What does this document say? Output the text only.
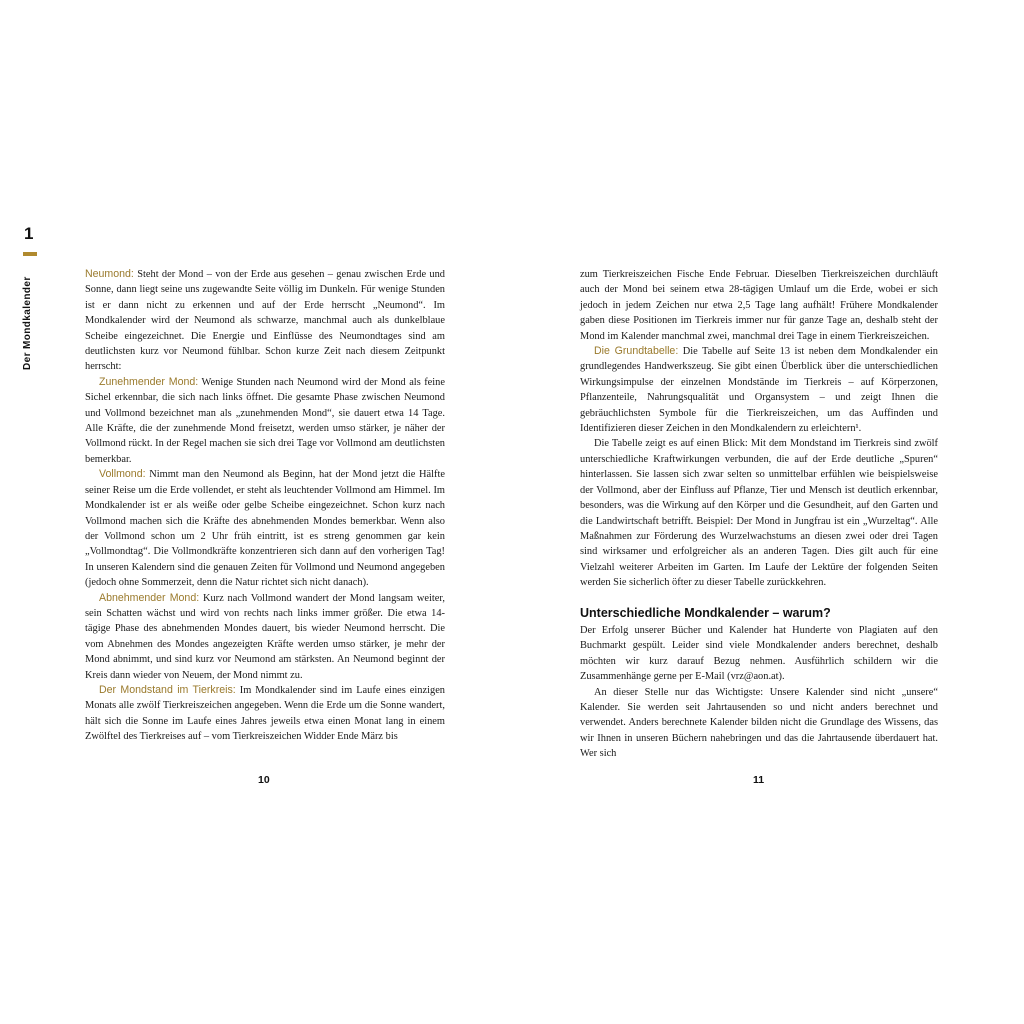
1
Der Mondkalender

Neumond: Steht der Mond – von der Erde aus gesehen – genau zwischen Erde und Sonne, dann liegt seine uns zugewandte Seite völlig im Dunkeln. Für wenige Stunden ist er dann nicht zu erkennen und auf der Erde herrscht „Neumond“. Im Mondkalender wird der Neumond als schwarze, manchmal auch als dunkelblaue Scheibe eingezeichnet. Die Energie und Einflüsse des Neumondtages sind am deutlichsten kurz vor Neumond fühlbar. Schon kurze Zeit nach diesem Zeitpunkt herrscht:

Zunehmender Mond: Wenige Stunden nach Neumond wird der Mond als feine Sichel erkennbar, die sich nach links öffnet. Die gesamte Phase zwischen Neumond und Vollmond bezeichnet man als „zunehmenden Mond“, sie dauert etwa 14 Tage. Alle Kräfte, die der zunehmende Mond freisetzt, werden umso stärker, je näher der Vollmond rückt. In der Regel machen sie sich drei Tage vor Vollmond am deutlichsten bemerkbar.

Vollmond: Nimmt man den Neumond als Beginn, hat der Mond jetzt die Hälfte seiner Reise um die Erde vollendet, er steht als leuchtender Vollmond am Himmel. Im Mondkalender ist er als weiße oder gelbe Scheibe eingezeichnet. Schon kurz nach Vollmond machen sich die Kräfte des abnehmenden Mondes bemerkbar. Wenn also der Vollmond schon um 2 Uhr früh eintritt, ist es streng genommen gar kein „Vollmondtag“. Die Vollmondkräfte konzentrieren sich dann auf den vorherigen Tag! In unseren Kalendern sind die genauen Zeiten für Vollmond und Neumond angegeben (jedoch ohne Sommerzeit, denn die Natur richtet sich nicht danach).

Abnehmender Mond: Kurz nach Vollmond wandert der Mond langsam weiter, sein Schatten wächst und wird von rechts nach links immer größer. Die etwa 14-tägige Phase des abnehmenden Mondes dauert, bis wieder Neumond herrscht. Die vom Abnehmen des Mondes angezeigten Kräfte werden umso stärker, je mehr der Mond abnimmt, und sind kurz vor Neumond am stärksten. An Neumond beginnt der Kreis dann wieder von Neuem, der Mond nimmt zu.

Der Mondstand im Tierkreis: Im Mondkalender sind im Laufe eines einzigen Monats alle zwölf Tierkreiszeichen angegeben. Wenn die Erde um die Sonne wandert, hält sich die Sonne im Laufe eines Jahres jeweils etwa einen Monat lang in einem Zwölftel des Tierkreises auf – vom Tierkreiszeichen Widder Ende März bis

zum Tierkreiszeichen Fische Ende Februar. Dieselben Tierkreiszeichen durchläuft auch der Mond bei seinem etwa 28-tägigen Umlauf um die Erde, wobei er sich jedoch in jedem Zeichen nur etwa 2,5 Tage lang aufhält! Frühere Mondkalender gaben diese Positionen im Tierkreis immer nur für ganze Tage an, deshalb steht der Mond im Kalender manchmal zwei, manchmal drei Tage in einem Tierkreiszeichen.

Die Grundtabelle: Die Tabelle auf Seite 13 ist neben dem Mondkalender ein grundlegendes Handwerkszeug. Sie gibt einen Überblick über die unterschiedlichen Wirkungsimpulse der einzelnen Mondstände im Tierkreis – auf Körperzonen, Pflanzenteile, Nahrungsqualität und Organsystem – und zeigt Ihnen die gebräuchlichsten Symbole für die Tierkreiszeichen, um das Auffinden und Identifizieren dieser Zeichen in den Mondkalendern zu erleichtern¹.

Die Tabelle zeigt es auf einen Blick: Mit dem Mondstand im Tierkreis sind zwölf unterschiedliche Kraftwirkungen verbunden, die auf der Erde deutliche „Spuren“ hinterlassen. Sie lassen sich zwar selten so unmittelbar erfühlen wie beispielsweise der Vollmond, aber der Einfluss auf Pflanze, Tier und Mensch ist deutlich erkennbar, besonders, was die Wirkung auf den Körper und die Gesundheit, auf den Garten und die Landwirtschaft betrifft. Beispiel: Der Mond in Jungfrau ist ein „Wurzeltag“. Alle Maßnahmen zur Förderung des Wurzelwachstums an diesen zwei oder drei Tagen sind wirksamer und erfolgreicher als an anderen Tagen. Dies gilt auch für eine Vielzahl weiterer Arbeiten im Garten. Im Laufe der Lektüre der folgenden Seiten werden Sie sicherlich öfter zu dieser Tabelle zurückkehren.

Unterschiedliche Mondkalender – warum?

Der Erfolg unserer Bücher und Kalender hat Hunderte von Plagiaten auf den Buchmarkt gespült. Leider sind viele Mondkalender anders berechnet, deshalb möchten wir kurz darauf Bezug nehmen. Ausführlich schildern wir die Zusammenhänge gerne per E-Mail (vrz@aon.at).

An dieser Stelle nur das Wichtigste: Unsere Kalender sind nicht „unsere“ Kalender. Sie werden seit Jahrtausenden so und nicht anders berechnet und verwendet. Anders berechnete Kalender bilden nicht die Grundlage des Wissens, das wir Ihnen in unseren Büchern nahebringen und das die Jahrtausende überdauert hat. Wer sich

10	11
